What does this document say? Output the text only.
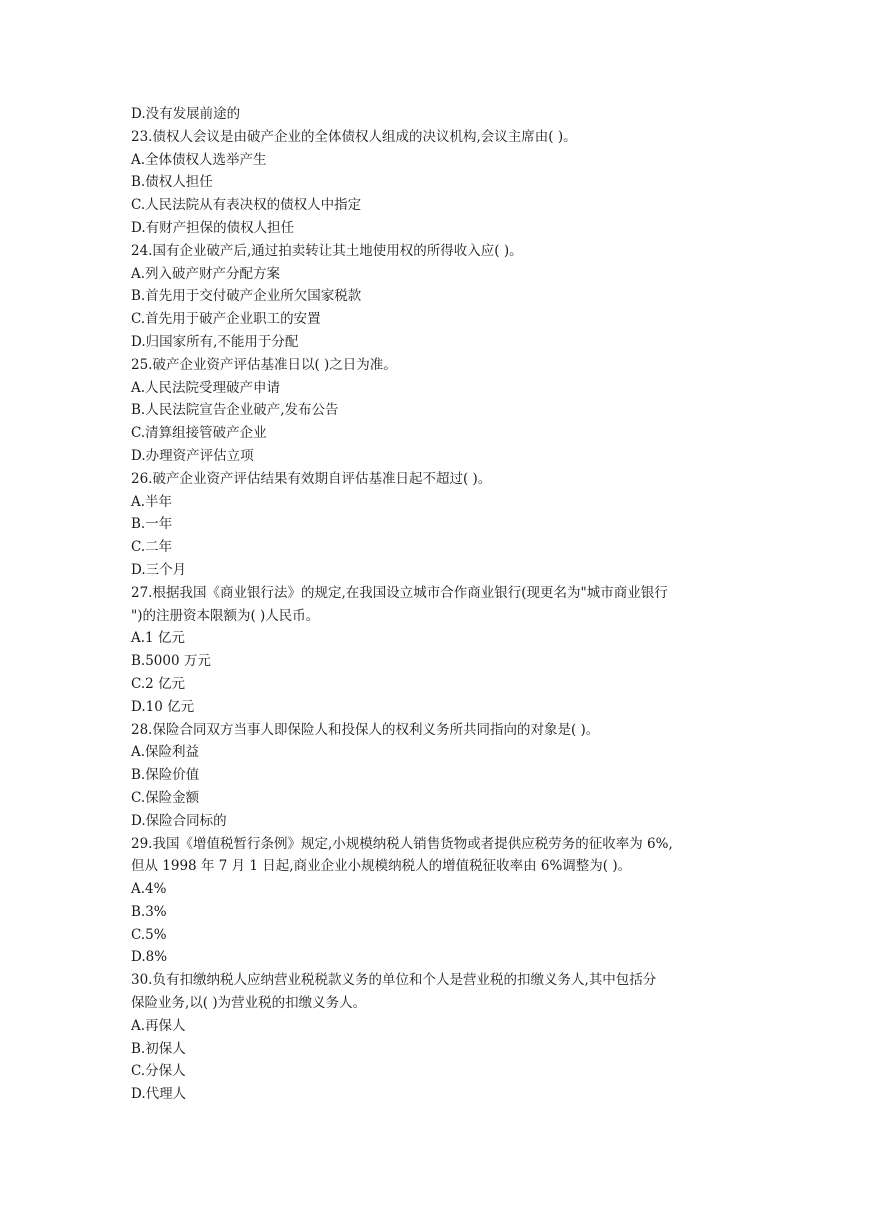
D.没有发展前途的
23.债权人会议是由破产企业的全体债权人组成的决议机构,会议主席由( )。
A.全体债权人选举产生
B.债权人担任
C.人民法院从有表决权的债权人中指定
D.有财产担保的债权人担任
24.国有企业破产后,通过拍卖转让其土地使用权的所得收入应( )。
A.列入破产财产分配方案
B.首先用于交付破产企业所欠国家税款
C.首先用于破产企业职工的安置
D.归国家所有,不能用于分配
25.破产企业资产评估基准日以( )之日为准。
A.人民法院受理破产申请
B.人民法院宣告企业破产,发布公告
C.清算组接管破产企业
D.办理资产评估立项
26.破产企业资产评估结果有效期自评估基准日起不超过( )。
A.半年
B.一年
C.二年
D.三个月
27.根据我国《商业银行法》的规定,在我国设立城市合作商业银行(现更名为"城市商业银行
")的注册资本限额为( )人民币。
A.1 亿元
B.5000 万元
C.2 亿元
D.10 亿元
28.保险合同双方当事人即保险人和投保人的权利义务所共同指向的对象是( )。
A.保险利益
B.保险价值
C.保险金额
D.保险合同标的
29.我国《增值税暂行条例》规定,小规模纳税人销售货物或者提供应税劳务的征收率为 6%,
但从 1998 年 7 月 1 日起,商业企业小规模纳税人的增值税征收率由 6%调整为( )。
A.4%
B.3%
C.5%
D.8%
30.负有扣缴纳税人应纳营业税税款义务的单位和个人是营业税的扣缴义务人,其中包括分
保险业务,以( )为营业税的扣缴义务人。
A.再保人
B.初保人
C.分保人
D.代理人
